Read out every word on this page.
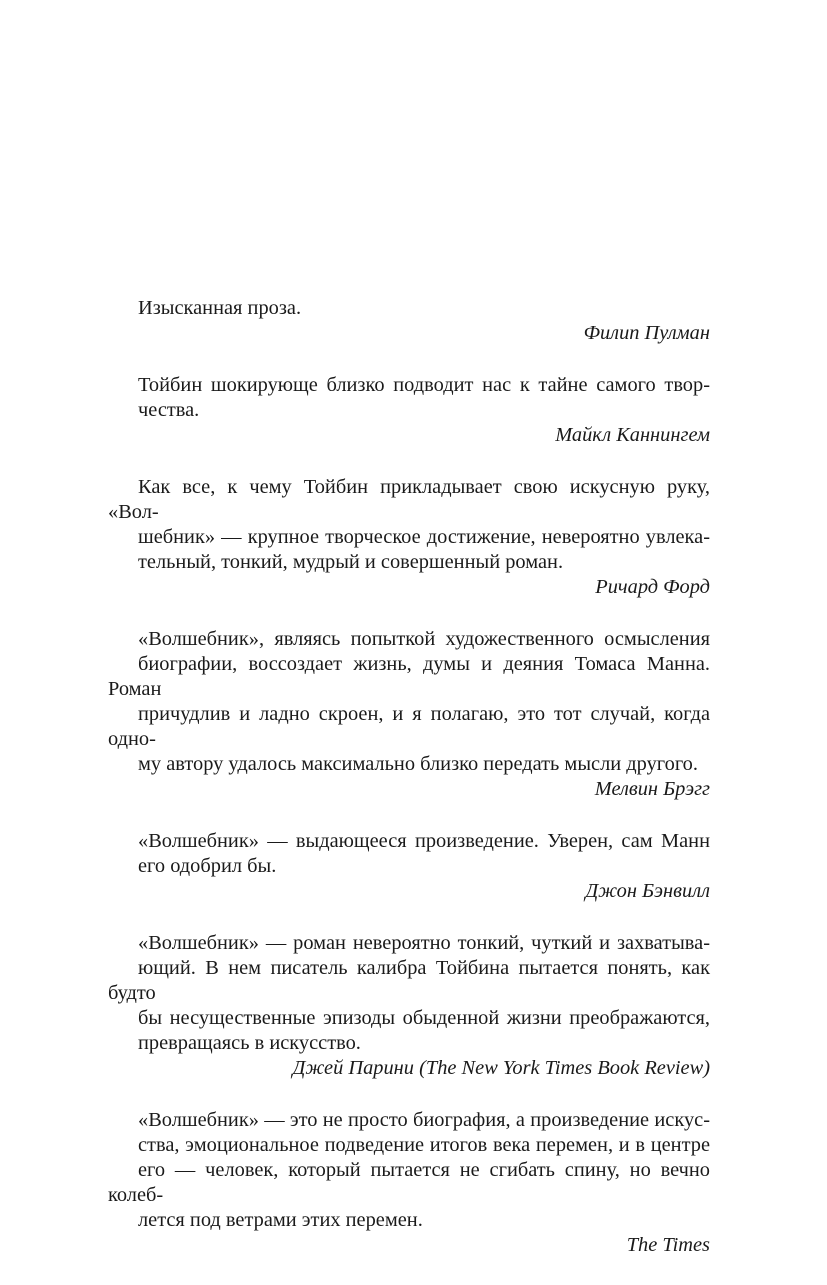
Изысканная проза.

Филип Пулман

Тойбин шокирующе близко подводит нас к тайне самого твор-
чества.

Майкл Каннингем

Как все, к чему Тойбин прикладывает свою искусную руку, «Вол-
шебник» — крупное творческое достижение, невероятно увлека-
тельный, тонкий, мудрый и совершенный роман.

Ричард Форд

«Волшебник», являясь попыткой художественного осмысления
биографии, воссоздает жизнь, думы и деяния Томаса Манна. Роман
причудлив и ладно скроен, и я полагаю, это тот случай, когда одно-
му автору удалось максимально близко передать мысли другого.

Мелвин Брэгг

«Волшебник» — выдающееся произведение. Уверен, сам Манн
его одобрил бы.

Джон Бэнвилл

«Волшебник» — роман невероятно тонкий, чуткий и захватыва-
ющий. В нем писатель калибра Тойбина пытается понять, как будто
бы несущественные эпизоды обыденной жизни преображаются,
превращаясь в искусство.

Джей Парини (The New York Times Book Review)

«Волшебник» — это не просто биография, а произведение искус-
ства, эмоциональное подведение итогов века перемен, и в центре
его — человек, который пытается не сгибать спину, но вечно колеб-
лется под ветрами этих перемен.

The Times
